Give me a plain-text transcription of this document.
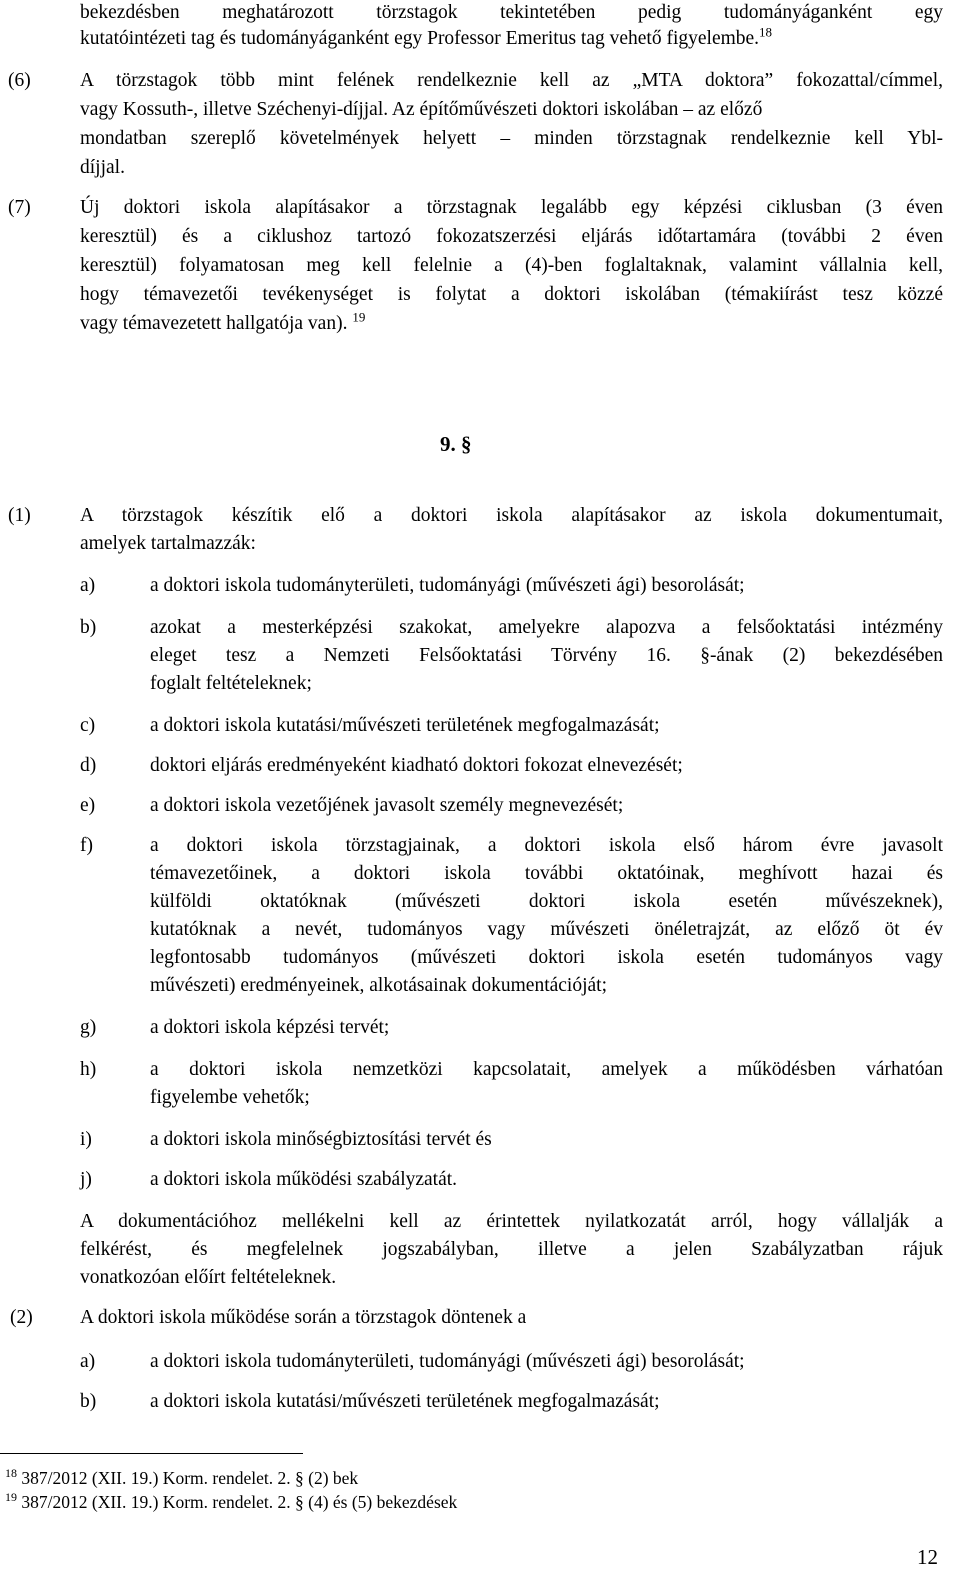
bekezdésben meghatározott törzstagok tekintetében pedig tudományáganként egy
kutatóintézeti tag és tudományáganként egy Professor Emeritus tag vehető figyelembe.$^{18}$
(6)	A törzstagok több mint felének rendelkeznie kell az „MTA doktora” fokozattal/címmel,
vagy Kossuth-, illetve Széchenyi-díjjal. Az építőművészeti doktori iskolában – az előző
mondatban szereplő követelmények helyett – minden törzstagnak rendelkeznie kell Ybl-
díjjal.
(7)	Új doktori iskola alapításakor a törzstagnak legalább egy képzési ciklusban (3 éven
keresztül) és a ciklushoz tartozó fokozatszerzési eljárás időtartamára (további 2 éven
keresztül) folyamatosan meg kell felelnie a (4)-ben foglaltaknak, valamint vállalnia kell,
hogy témavezetői tevékenységet is folytat a doktori iskolában (témakiírást tesz közzé
vagy témavezetett hallgatója van). $^{19}$
9. §
(1)	A törzstagok készítik elő a doktori iskola alapításakor az iskola dokumentumait,
amelyek tartalmazzák:
a)	a doktori iskola tudományterületi, tudományági (művészeti ági) besorolását;
b)	azokat a mesterképzési szakokat, amelyekre alapozva a felsőoktatási intézmény
eleget tesz a Nemzeti Felsőoktatási Törvény 16. §-ának (2) bekezdésében
foglalt feltételeknek;
c)	a doktori iskola kutatási/művészeti területének megfogalmazását;
d)	doktori eljárás eredményeként kiadható doktori fokozat elnevezését;
e)	a doktori iskola vezetőjének javasolt személy megnevezését;
f)	a doktori iskola törzstagjainak, a doktori iskola első három évre javasolt
témavezetőinek, a doktori iskola további oktatóinak, meghívott hazai és
külföldi oktatóknak (művészeti doktori iskola esetén művészeknek),
kutatóknak a nevét, tudományos vagy művészeti önéletrajzát, az előző öt év
legfontosabb tudományos (művészeti doktori iskola esetén tudományos vagy
művészeti) eredményeinek, alkotásainak dokumentációját;
g)	a doktori iskola képzési tervét;
h)	a doktori iskola nemzetközi kapcsolatait, amelyek a működésben várhatóan
figyelembe vehetők;
i)	a doktori iskola minőségbiztosítási tervét és
j)	a doktori iskola működési szabályzatát.
A dokumentációhoz mellékelni kell az érintettek nyilatkozatát arról, hogy vállalják a
felkérést, és megfelelnek jogszabályban, illetve a jelen Szabályzatban rájuk
vonatkozóan előírt feltételeknek.
(2) A doktori iskola működése során a törzstagok döntenek a
a)	a doktori iskola tudományterületi, tudományági (művészeti ági) besorolását;
b)	a doktori iskola kutatási/művészeti területének megfogalmazását;
$^{18}$ 387/2012 (XII. 19.) Korm. rendelet. 2. § (2) bek
$^{19}$ 387/2012 (XII. 19.) Korm. rendelet. 2. § (4) és (5) bekezdések
12
